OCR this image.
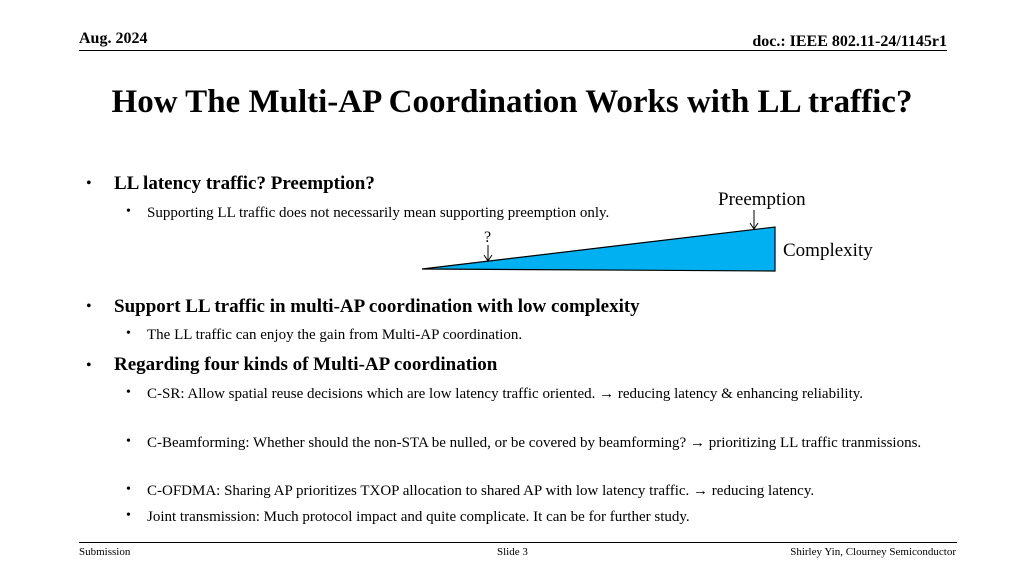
Aug. 2024	doc.: IEEE 802.11-24/1145r1
How The Multi-AP Coordination Works with LL traffic?
• LL latency traffic? Preemption?
• Supporting LL traffic does not necessarily mean supporting preemption only.
Preemption
?
Complexity
• Support LL traffic in multi-AP coordination with low complexity
• The LL traffic can enjoy the gain from Multi-AP coordination.
• Regarding four kinds of Multi-AP coordination
• C-SR: Allow spatial reuse decisions which are low latency traffic oriented. → reducing latency & enhancing reliability.
• C-Beamforming: Whether should the non-STA be nulled, or be covered by beamforming? → prioritizing LL traffic tranmissions.
• C-OFDMA: Sharing AP prioritizes TXOP allocation to shared AP with low latency traffic. → reducing latency.
• Joint transmission: Much protocol impact and quite complicate. It can be for further study.
Submission	Slide 3	Shirley Yin, Clourney Semiconductor
